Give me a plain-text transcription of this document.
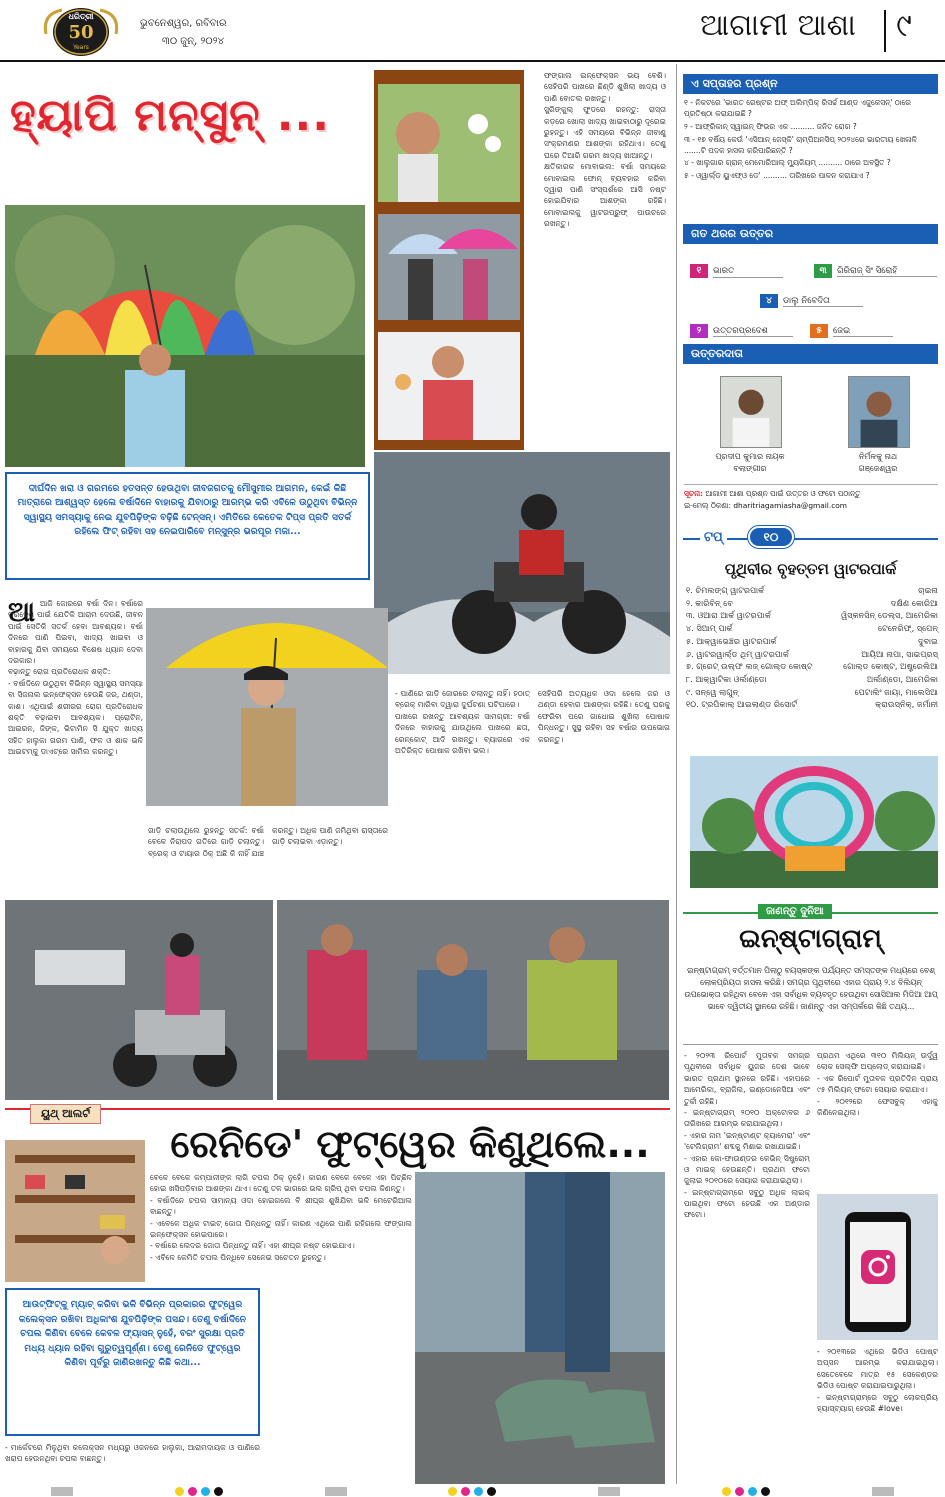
ଧରିତ୍ରୀ
50
Years
ଭୁବନେଶ୍ୱର, ରବିବାର
୩୦ ଜୁନ୍, ୨୦୨୪	ଆଗାମୀ ଆଶା	୯
ହ୍ୟାପି ମନ୍‌ସୁନ୍ ...
ଦୀର୍ଘଦିନ ଖରା ଓ ଗରମରେ ହତସନ୍ତ ହେଉଥିବା ଜୀବଜଗତକୁ ମୌସୁମୀର ଆଗମନ, କେଇଁ କିଛି ମାତ୍ରାରେ ଆଶ୍ୱସ୍ତ ହେଲେ ବର୍ଷାଦିନେ ବାହାରକୁ ଯିବାଠାରୁ ଆରମ୍ଭ କରି ଏବିଳେ ଉଠୁଥିବା ବିଭିନ୍ନ ସ୍ୱାସ୍ଥ୍ୟ ସମସ୍ୟାକୁ ନେଇ ଯୁବପିଢ଼ିଙ୍କ ବଢ଼ିଛି ଟେନ୍‌ସନ୍। ଏମିତିରେ କେତେକ ଟିପ୍ସ ପ୍ରତି ସତର୍କ ରହିଲେ ଫିଟ୍ ରହିବା ସହ ନେଇପାରିବେ ମନ୍‌ସୁନ୍‌ର ଭରପୂର ମଜା...
ଆ ଆଜି ଜୋରରେ ବର୍ଷା ଦିନ। ବର୍ଷାରେ ପରିବେଶ ପାଇଁ ଯେତିକି ଆରାମ ଦେଉଛି, ଜୀବନ ପାଇଁ ସେତିକି ସତର୍କ ହେବା ଆବଶ୍ୟକ। ବର୍ଷା ଦିନରେ ପାଣି ପିଇବା, ଖାଦ୍ୟ ଖାଇବା ଓ ବାହାରକୁ ଯିବା ସମୟରେ ବିଶେଷ ଧ୍ୟାନ ଦେବା ଦରକାର।
ବଢ଼ାନ୍ତୁ ରୋଗ ପ୍ରତିରୋଧକ ଶକ୍ତି:
- ବର୍ଷାଦିନେ ଉଠୁଥିବା ବିଭିନ୍ନ ସ୍ୱାସ୍ଥ୍ୟ ସମସ୍ୟା ବା ସିଜନାଲ ଇନ୍‌ଫେକ୍ସନ ହେଉଛି ଜର, ଥଣ୍ଡା, କାଶ। ଏଥିପାଇଁ ଶରୀରର ରୋଗ ପ୍ରତିରୋଧକ ଶକ୍ତି ବଢ଼ାଇବା ଆବଶ୍ୟକ। ପ୍ରୋଟିନ, ଆଇରନ, ଜିଙ୍କ, ଭିଟାମିନ ସି ଯୁକ୍ତ ଖାଦ୍ୟ ସହିତ ହାଲୁକା ଗରମ ପାଣି, ଫଳ ଓ ଶାକ ଭଳି ଆଇଟମ୍‌କୁ ଡାଏଟ୍‌ରେ ସାମିଲ କରନ୍ତୁ।
ଫଙ୍ଗାଲ ଇନ୍‌ଫେକ୍ସନ ଭୟ ବେଶି। ସେହିପରି ପାଖରେ ଛିଣ୍ଡି ଶୁଖିଲା ଖାଦ୍ୟ ଓ ପାଣି ବୋତଲ ରଖନ୍ତୁ।
ସ୍ପ୍ରିଙ୍କୁଲ୍ ଫୁଡରେ ରହନ୍ତୁ: ରାସ୍ତା କଡ଼ରେ ଖୋଲା ଖାଦ୍ୟ ଖାଇବାଠାରୁ ଦୂରେଇ ରୁହନ୍ତୁ। ଏହି ସମୟରେ ବିଭିନ୍ନ ଜୀବାଣୁ ସଂକ୍ରମଣର ଆଶଙ୍କା ରହିଥାଏ। ତେଣୁ ଘରେ ତିଆରି ଗରମ ଖାଦ୍ୟ ଖାଆନ୍ତୁ।
କ୍ଷତିକାରକ ମୋବାଇଲ: ବର୍ଷା ସମୟରେ ମୋବାଇଲ ଫୋନ୍ ବ୍ୟବହାର କରିବା ଦ୍ୱାରା ପାଣି ସଂସ୍ପର୍ଶରେ ଆସି ନଷ୍ଟ ହୋଇଯିବାର ଆଶଙ୍କା ରହିଛି। ମୋବାଇଲକୁ ୱାଟରପ୍ରୁଫ୍ ପାଉଚରେ ରଖନ୍ତୁ।
ଗାଡ଼ି ଚଲାଉଥିଲେ ରୁହନ୍ତୁ ସତର୍କ: ବର୍ଷା ବେଳେ ନିରାପଦ ଗତିରେ ଗାଡ଼ି ଚଲାନ୍ତୁ। ବ୍ରେକ୍ ଓ ଟାୟାର ଠିକ୍ ଅଛି କି ନାହିଁ ଯାଞ୍ଚ କରନ୍ତୁ। ଅଧିକ ପାଣି ଜମିଥିବା ରାସ୍ତାରେ ଗାଡ଼ି ଚଲାଇବା ଏଡ଼ାନ୍ତୁ।
- ପାଣିରେ ଗାଡ଼ି ଜୋରରେ ଚଲାନ୍ତୁ ନାହିଁ। ହଠାତ୍ ବ୍ରେକ୍ ମାରିବା ଦ୍ୱାରା ଦୁର୍ଘଟଣା ଘଟିପାରେ।
ପାଖରେ ରଖନ୍ତୁ ଆବଶ୍ୟକ ସାମଗ୍ରୀ: ବର୍ଷା ଦିନରେ ବାହାରକୁ ଯାଉଥିଲେ ପାଖରେ ଛତା, ରେନ୍‌କୋଟ୍ ଆଦି ରଖନ୍ତୁ। ବ୍ୟାଗରେ ଏକ ଅତିରିକ୍ତ ପୋଷାକ ରଖିବା ଭଲ।
ସେହିପରି ଅତ୍ୟଧିକ ଓଦା ହେଲେ ଜର ଓ ଥଣ୍ଡା ହେବାର ଆଶଙ୍କା ରହିଛି। ତେଣୁ ଘରକୁ ଫେରିବା ପରେ ଗାଧୋଇ ଶୁଖିଲା ପୋଷାକ ପିନ୍ଧନ୍ତୁ। ସୁସ୍ଥ ରହିବା ସହ ବର୍ଷାର ଉପଭୋଗ କରନ୍ତୁ।
ୟୁଥ୍ ଆଲର୍ଟ
ରେନିଡେ' ଫୁଟ୍‌ୱେର କିଣୁଥିଲେ...
ଆଉଟ୍‌ଫିଟ୍‌କୁ ମ୍ୟାଚ୍ କରିବା ଭଳି ବିଭିନ୍ନ ପ୍ରକାରର ଫୁଟ୍‌ୱେର କଲେକ୍ସନ ରଖିବା ଅଧିକାଂଶ ଯୁବପିଢ଼ିଙ୍କ ପସନ୍ଦ। ତେଣୁ ବର୍ଷାଦିନେ ଚପଲ କିଣିବା ବେଳେ କେବଳ ଫ୍ୟାସନ୍ ନୁହେଁ, ବରଂ ସୁରକ୍ଷା ପ୍ରତି ମଧ୍ୟ ଧ୍ୟାନ ରହିବା ଗୁରୁତ୍ୱପୂର୍ଣ୍ଣ। ତେଣୁ ରେନିଡେ ଫୁଟ୍‌ୱେର କିଣିବା ପୂର୍ବରୁ ଜାଣିରଖନ୍ତୁ କିଛି କଥା...
- ମାର୍କେଟରେ ମିଳୁଥିବା କଲେକ୍ସନ ମଧ୍ୟରୁ ଓଜନରେ ହାଲୁକା, ଆରାମଦାୟକ ଓ ପାଣିରେ ଖରାପ ହେଉନଥିବା ଚପଲ ବାଛନ୍ତୁ।
ବେଳେ ବେଳେ କମ୍ପାନୀଙ୍କ ଲାଗି ଚପଲ ଠିକ୍ ନୁହେଁ। କାରଣ ବେଳେ ବେଳେ ଏହା ପିଚ୍ଛିଳ ହୋଇ ଖସିପଡ଼ିବାର ଆଶଙ୍କା ଥାଏ। ତେଣୁ ତଳ ଭାଗରେ ଭଲ ଗ୍ରିପ୍ ଥିବା ଚପଲ କିଣନ୍ତୁ।
- ବର୍ଷାଦିନେ ଚପଲ ସାମାନ୍ୟ ଓଦା ହୋଇଗଲେ ବି ଶୀଘ୍ର ଶୁଖିଯିବା ଭଳି ମେଟେରିଆଲ ବାଛନ୍ତୁ।
- ଏବେଳେ ଅଧିକ ଟାଇଟ୍ ଜୋତା ପିନ୍ଧନ୍ତୁ ନାହିଁ। କାରଣ ଏଥିରେ ପାଣି ରହିଗଲେ ଫଙ୍ଗାଲ ଇନ୍‌ଫେକ୍ସନ ହୋଇପାରେ।
- ବର୍ଷାରେ ଲେଦର ଜୋତା ପିନ୍ଧନ୍ତୁ ନାହିଁ। ଏହା ଶୀଘ୍ର ନଷ୍ଟ ହୋଇଯାଏ।
- ଏବିଳେ କେମିତି ଚପଲ ପିନ୍ଧିବେ ସେନେଇ ସଚେତନ ରୁହନ୍ତୁ।
ଏ ସପ୍ତାହର ପ୍ରଶ୍ନ
୧ - ନିକଟରେ 'ଭାରତ ରେଷ୍ଟର ଅଫ୍ ଅଲିମ୍ପିକ୍ ରିସର୍ଚ୍ଚ ଆଣ୍ଡ ଏଜୁକେସନ୍' ଠାରେ ପ୍ରତିଷ୍ଠା କରାଯାଇଛି ?
୨ - ଆଫ୍ରିକାନ୍ ସ୍ୱାଇନ୍ ଫିଭର ଏକ .......... ଜନିତ ରୋଗ ?
୩ - ୧୭ ବର୍ଷିୟ କେଉଁ 'ଏସିଆନ୍ ଜେସ୍କି' ଚାମ୍ପିଅନସିପ୍ ୨୦୨୪ରେ ଭାରତୀୟ ଖେଳାଳି .......ଟି ପଦକ ହାସଲ କରିପାରିଛନ୍ତି ?
୪ - ଖାଲୁଗାର ଗ୍ରାନ୍ ମେମୋରିଆଲ୍ ମ୍ୟୁଜିୟମ୍ .......... ଠାରେ ଅବସ୍ଥିତ ?
୫ - ଓ୍ୱାର୍ଲ୍ଡ ୟୁଏଫ୍‌ଓ ଡେ' .......... ତାରିଖରେ ପାଳନ କରାଯାଏ ?
ଗତ ଥରର ଉତ୍ତର
୧ ଭାରତ	୩ ଗିରିରାଜ୍ ସିଂ ସିରୋହି
୪ ଡାଲୁ ନିବେଦିତା
୨ ଉତ୍ତରପ୍ରଦେଶ	୫ ଜେଇ
ଉତ୍ତରଦାତା
ପ୍ରଦୀପ କୁମାର ନାୟକ
ବଲାଙ୍ଗୀର
ନିର୍ମଳକୁ ନାଥ
ଗଞ୍ଜେଶ୍ୱର
ସୂଚନା: ଆଗାମୀ ଆଶା ପ୍ରଶ୍ନ ପାଇଁ ଉତ୍ତର ଓ ଫଟୋ ପଠାନ୍ତୁ
ଇ-ମେଲ୍ ଠିକଣା: dharitriagamiasha@gmail.com
ଟପ୍	୧୦
ପୃଥିବୀର ବୃହତ୍ତମ ୱାଟରପାର୍କ
୧. ଚିମଲଙ୍ଗ୍ ୱାଟରପାର୍କ	ଚାଇନା
୨. କାରିବିନ୍ ବେ	ଦକ୍ଷିଣ କୋରିଆ
୩. ଓଆରା ଆର୍କ ୱାଟରପାର୍କ	ୱିସ୍‌କନସିନ୍ ଡେଲ୍ସ, ଆମେରିକା
୪. ସିଆମ୍ ପାର୍କ	ଟେନେରିଫ୍, ସ୍ପେନ୍
୫. ଆକ୍ୱାଭେଞ୍ଚର ୱାଟରପାର୍କ	ଦୁବାଇ
୬. ୱାଟରୱାର୍ଲ୍ଡ ଥିମ୍ ୱାଟରପାର୍କ	ଆୟିଆ ନାପା, ସାଇପ୍ରସ୍
୭. ଗ୍ରେଟ୍ ଉଲ୍ଫ ଲଜ୍ ଗୋଲ୍ଡ କୋଷ୍ଟ	ଗୋଲ୍ଡ କୋଷ୍ଟ, ଅଷ୍ଟ୍ରେଲିଆ
୮. ଆକ୍ୱାଟିକା ଓର୍ଲାଣ୍ଡୋ	ଅର୍ଲାଣ୍ଡୋ, ଆମେରିକା
୯. ସନ୍‌ୱେ ଲାଗୁନ୍	ପେଟାଲିଂ ଜାୟା, ମାଲେସିଆ
୧୦. ଟ୍ରପିକାଲ୍ ଆଇଲାଣ୍ଡ ରିସୋର୍ଟ	କ୍ରାଉସ୍‌ନିକ୍, ଜର୍ମାନୀ
ଜାଣନ୍ତୁ ଦୁନିଆ
ଇନ୍‌ଷ୍ଟାଗ୍ରାମ୍
ଇନ୍‌ଷ୍ଟାଗ୍ରାମ୍ ବର୍ତ୍ତମାନ ପିଲାଠୁ ବୟସ୍କଙ୍କ ପର୍ଯ୍ୟନ୍ତ ସମସ୍ତଙ୍କ ମଧ୍ୟରେ ବେଶ୍ ଲୋକପ୍ରିୟତା ହାସଲ କରିଛି। ସମଗ୍ର ପୃଥିବୀରେ ଏହାର ପ୍ରାୟ ୨.୪ ବିଲିୟନ୍ ଉପଭୋକ୍ତା ରହିଥିବା ବେଳେ ଏହା ସର୍ବାଧିକ ବ୍ୟବହୃତ ହେଉଥିବା ସୋସିଆଲ ମିଡିଆ ଆପ୍ ଭାବେ ଦ୍ୱିତୀୟ ସ୍ଥାନରେ ରହିଛି। ଜାଣନ୍ତୁ ଏହା ସମ୍ପର୍କରେ କିଛି ତଥ୍ୟ...
- ୨୦୨୩ ରିପୋର୍ଟ ମୁତାବକ ସମଗ୍ର ପୃଥିବୀରେ ସର୍ବାଧିକ ୟୁଜର ଦେଶ ଭାବେ ଭାରତ ପ୍ରଥମ ସ୍ଥାନରେ ରହିଛି। ଏହାପରେ ଆମେରିକା, ବ୍ରାଜିଲ, ଇଣ୍ଡୋନେସିଆ ଏବଂ ତୁର୍କୀ ରହିଛି।
- ଇନ୍‌ଷ୍ଟାଗ୍ରାମ୍ ୨୦୧୦ ଅକ୍ଟୋବର ୬ ତାରିଖରେ ଆରମ୍ଭ କରାଯାଇଥିଲା।
- ଏହାର ନାମ 'ଇନ୍‌ଷ୍ଟାଣ୍ଟ କ୍ୟାମେରା' ଏବଂ 'ଟେଲିଗ୍ରାମ' ଶବ୍ଦକୁ ମିଶାଇ ରଖାଯାଇଛି।
- ଏହାର କୋ-ଫାଉଣ୍ଡର କେଭିନ୍ ସିଷ୍ଟ୍ରୋମ୍ ଓ ମାଇକ୍ ହେଉଛନ୍ତି। ପ୍ରଥମ ଫଟୋ ଜୁଲାଇ ୨୦୧୦ରେ ସେୟାର କରାଯାଇଥିଲା।
- ଇନ୍‌ଷ୍ଟାଗ୍ରାମ୍‌ରେ ସବୁଠୁ ଅଧିକ ଲାଇକ୍ ପାଇଥିବା ଫଟୋ ହେଉଛି ଏକ ଅଣ୍ଡାର ଫଟୋ।
ପ୍ରଥମ ଏଥିରେ ୩୧୦ ମିଲିୟନ୍ ଉର୍ଦ୍ଧ୍ୱ ଲୋକ ସେଲ୍‌ଫି ଅପ୍‌ଲୋଡ୍ କରାଯାଇଛି।
- ଏକ ରିପୋର୍ଟ ମୁତାବକ ପ୍ରତିଦିନ ପ୍ରାୟ ୯୫ ମିଲିୟନ୍ ଫଟୋ ସେୟାର କରାଯାଏ।
- ୨୦୧୨ରେ ଫେସବୁକ୍ ଏହାକୁ କିଣିନେଇଥିଲା।
- ୨୦୧୩ରେ ଏଥିରେ ଭିଡିଓ ପୋଷ୍ଟ ଅପ୍ସନ ଆରମ୍ଭ କରାଯାଇଥିଲା। ସେତେବେଳେ ମାତ୍ର ୧୫ ସେକେଣ୍ଡର ଭିଡିଓ ପୋଷ୍ଟ କରାଯାଇପାରୁଥିଲା।
- ଇନ୍‌ଷ୍ଟାଗ୍ରାମ୍‌ରେ ସବୁଠୁ ଲୋକପ୍ରିୟ ହ୍ୟାସ୍‌ଟ୍ୟାଗ୍ ହେଉଛି #love।
